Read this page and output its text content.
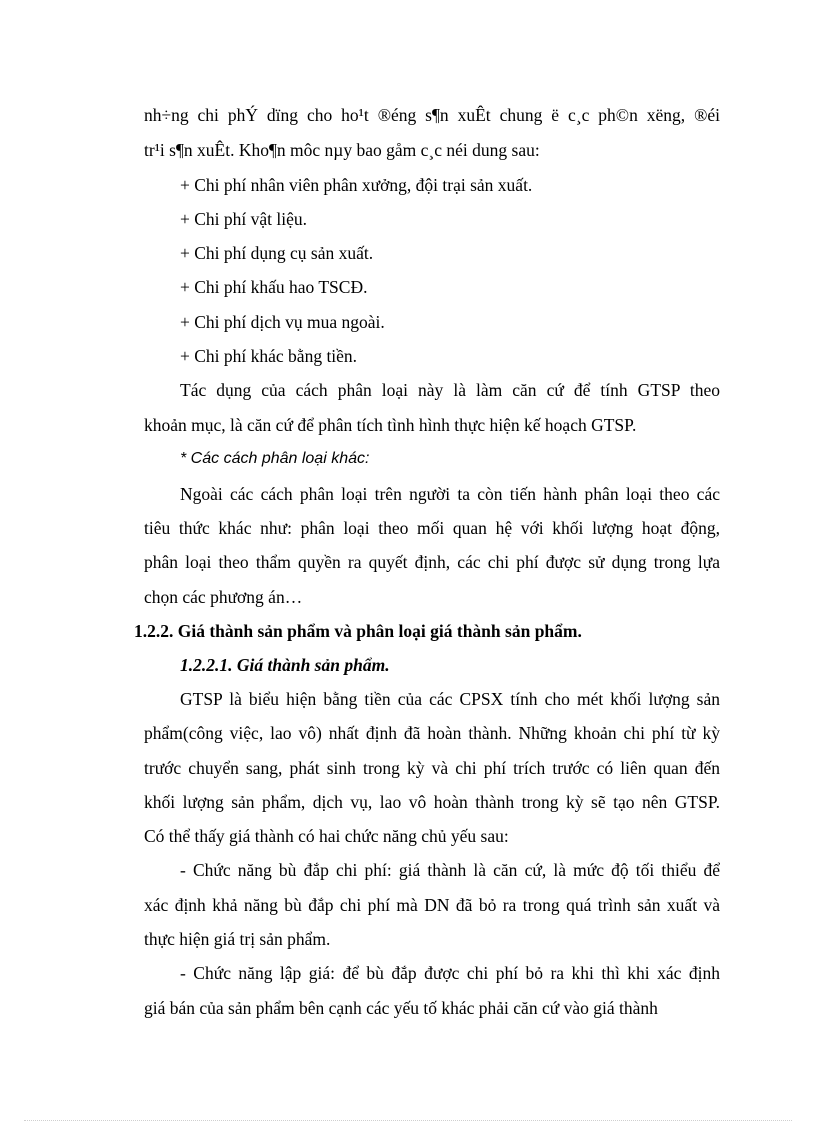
nh÷ng chi phÝ dïng cho ho¹t ®éng s¶n xuÊt chung ë c¸c ph©n xëng, ®éi
tr¹i s¶n xuÊt. Kho¶n môc nµy bao gåm c¸c néi dung sau:
+ Chi phí nhân viên phân xưởng, đội trại sản xuất.
+ Chi phí vật liệu.
+ Chi phí dụng cụ sản xuất.
+ Chi phí khấu hao TSCĐ.
+ Chi phí dịch vụ mua ngoài.
+ Chi phí khác bằng tiền.
Tác dụng của cách phân loại này là làm căn cứ để tính GTSP theo
khoản mục, là căn cứ để phân tích tình hình thực hiện kế hoạch GTSP.
* Các cách phân loại khác:
Ngoài các cách phân loại trên người ta còn tiến hành phân loại theo các
tiêu thức khác như: phân loại theo mối quan hệ với khối lượng hoạt động,
phân loại theo thẩm quyền ra quyết định, các chi phí được sử dụng trong lựa
chọn các phương án…
1.2.2. Giá thành sản phẩm và phân loại giá thành sản phẩm.
1.2.2.1. Giá thành sản phẩm.
GTSP là biểu hiện bằng tiền của các CPSX tính cho mét khối lượng sản
phẩm(công việc, lao vô) nhất định đã hoàn thành. Những khoản chi phí từ kỳ
trước chuyển sang, phát sinh trong kỳ và chi phí trích trước có liên quan đến
khối lượng sản phẩm, dịch vụ, lao vô hoàn thành trong kỳ sẽ tạo nên GTSP.
Có thể thấy giá thành có hai chức năng chủ yếu sau:
- Chức năng bù đắp chi phí: giá thành là căn cứ, là mức độ tối thiểu để
xác định khả năng bù đắp chi phí mà DN đã bỏ ra trong quá trình sản xuất và
thực hiện giá trị sản phẩm.
- Chức năng lập giá: để bù đắp được chi phí bỏ ra khi thì khi xác định
giá bán của sản phẩm bên cạnh các yếu tố khác phải căn cứ vào giá thành
